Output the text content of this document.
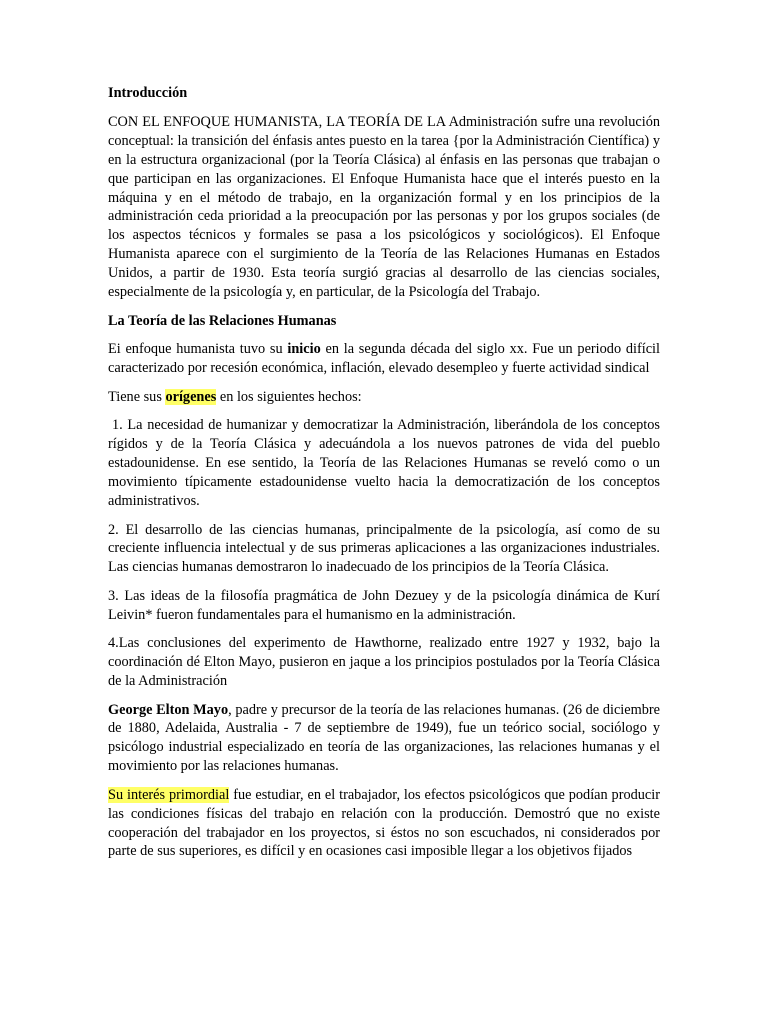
Introducción

CON EL ENFOQUE HUMANISTA, LA TEORÍA DE LA Administración sufre una revolución conceptual: la transición del énfasis antes puesto en la tarea {por la Administración Científica) y en la estructura organizacional (por la Teoría Clásica) al énfasis en las personas que trabajan o que participan en las organizaciones. El Enfoque Humanista hace que el interés puesto en la máquina y en el método de trabajo, en la organización formal y en los principios de la administración ceda prioridad a la preocupación por las personas y por los grupos sociales (de los aspectos técnicos y formales se pasa a los psicológicos y sociológicos). El Enfoque Humanista aparece con el surgimiento de la Teoría de las Relaciones Humanas en Estados Unidos, a partir de 1930. Esta teoría surgió gracias al desarrollo de las ciencias sociales, especialmente de la psicología y, en particular, de la Psicología del Trabajo.

La Teoría de las Relaciones Humanas

Ei enfoque humanista tuvo su inicio en la segunda década del siglo xx. Fue un periodo difícil caracterizado por recesión económica, inflación, elevado desempleo y fuerte actividad sindical

Tiene sus orígenes en los siguientes hechos:

1. La necesidad de humanizar y democratizar la Administración, liberándola de los conceptos rígidos y de la Teoría Clásica y adecuándola a los nuevos patrones de vida del pueblo estadounidense. En ese sentido, la Teoría de las Relaciones Humanas se reveló como o un movimiento típicamente estadounidense vuelto hacia la democratización de los conceptos administrativos.

2. El desarrollo de las ciencias humanas, principalmente de la psicología, así como de su creciente influencia intelectual y de sus primeras aplicaciones a las organizaciones industriales. Las ciencias humanas demostraron lo inadecuado de los principios de la Teoría Clásica.

3. Las ideas de la filosofía pragmática de John Dezuey y de la psicología dinámica de Kurí Leivin* fueron fundamentales para el humanismo en la administración.

4.Las conclusiones del experimento de Hawthorne, realizado entre 1927 y 1932, bajo la coordinación dé Elton Mayo, pusieron en jaque a los principios postulados por la Teoría Clásica de la Administración

George Elton Mayo, padre y precursor de la teoría de las relaciones humanas. (26 de diciembre de 1880, Adelaida, Australia - 7 de septiembre de 1949), fue un teórico social, sociólogo y psicólogo industrial especializado en teoría de las organizaciones, las relaciones humanas y el movimiento por las relaciones humanas.

Su interés primordial fue estudiar, en el trabajador, los efectos psicológicos que podían producir las condiciones físicas del trabajo en relación con la producción. Demostró que no existe cooperación del trabajador en los proyectos, si éstos no son escuchados, ni considerados por parte de sus superiores, es difícil y en ocasiones casi imposible llegar a los objetivos fijados
